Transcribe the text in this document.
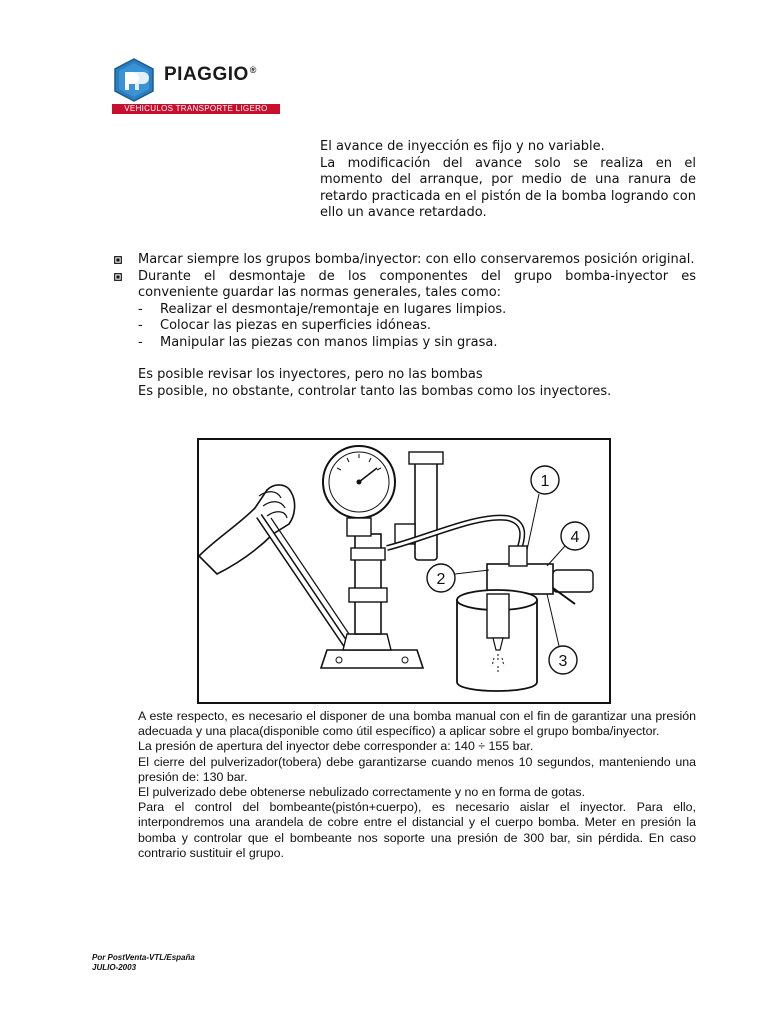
PIAGGIO®
VEHICULOS TRANSPORTE LIGERO

El avance de inyección es fijo y no variable.

La modificación del avance solo se realiza en el momento del arranque, por medio de una ranura de retardo practicada en el pistón de la bomba logrando con ello un avance retardado.

Marcar siempre los grupos bomba/inyector: con ello conservaremos posición original.
Durante el desmontaje de los componentes del grupo bomba-inyector es conveniente guardar las normas generales, tales como:
- Realizar el desmontaje/remontaje en lugares limpios.
- Colocar las piezas en superficies idóneas.
- Manipular las piezas con manos limpias y sin grasa.

Es posible revisar los inyectores, pero no las bombas

Es posible, no obstante, controlar tanto las bombas como los inyectores.

1
2
3
4

A este respecto, es necesario el disponer de una bomba manual con el fin de garantizar una presión adecuada y una placa(disponible como útil específico) a aplicar sobre el grupo bomba/inyector.

La presión de apertura del inyector debe corresponder a: 140 ÷ 155 bar.

El cierre del pulverizador(tobera) debe garantizarse cuando menos 10 segundos, manteniendo una presión de: 130 bar.

El pulverizado debe obtenerse nebulizado correctamente y no en forma de gotas.

Para el control del bombeante(pistón+cuerpo), es necesario aislar el inyector. Para ello, interpondremos una arandela de cobre entre el distancial y el cuerpo bomba. Meter en presión la bomba y controlar que el bombeante nos soporte una presión de 300 bar, sin pérdida. En caso contrario sustituir el grupo.

Por PostVenta-VTL/España
JULIO-2003
